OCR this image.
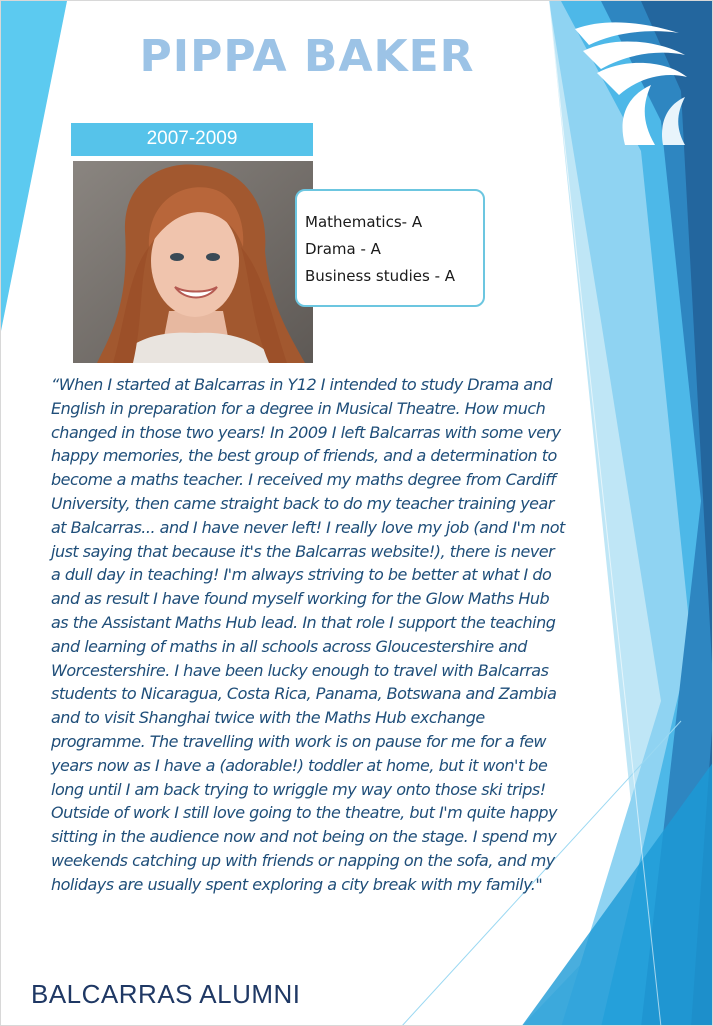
PIPPA BAKER
2007-2009
Mathematics- A
Drama - A
Business studies - A
“When I started at Balcarras in Y12 I intended to study Drama and English in preparation for a degree in Musical Theatre. How much changed in those two years! In 2009 I left Balcarras with some very happy memories, the best group of friends, and a determination to become a maths teacher. I received my maths degree from Cardiff University, then came straight back to do my teacher training year at Balcarras... and I have never left! I really love my job (and I'm not just saying that because it's the Balcarras website!), there is never a dull day in teaching! I'm always striving to be better at what I do and as result I have found myself working for the Glow Maths Hub as the Assistant Maths Hub lead. In that role I support the teaching and learning of maths in all schools across Gloucestershire and Worcestershire. I have been lucky enough to travel with Balcarras students to Nicaragua, Costa Rica, Panama, Botswana and Zambia and to visit Shanghai twice with the Maths Hub exchange programme. The travelling with work is on pause for me for a few years now as I have a (adorable!) toddler at home, but it won't be long until I am back trying to wriggle my way onto those ski trips! Outside of work I still love going to the theatre, but I'm quite happy sitting in the audience now and not being on the stage. I spend my weekends catching up with friends or napping on the sofa, and my holidays are usually spent exploring a city break with my family."
BALCARRAS ALUMNI
